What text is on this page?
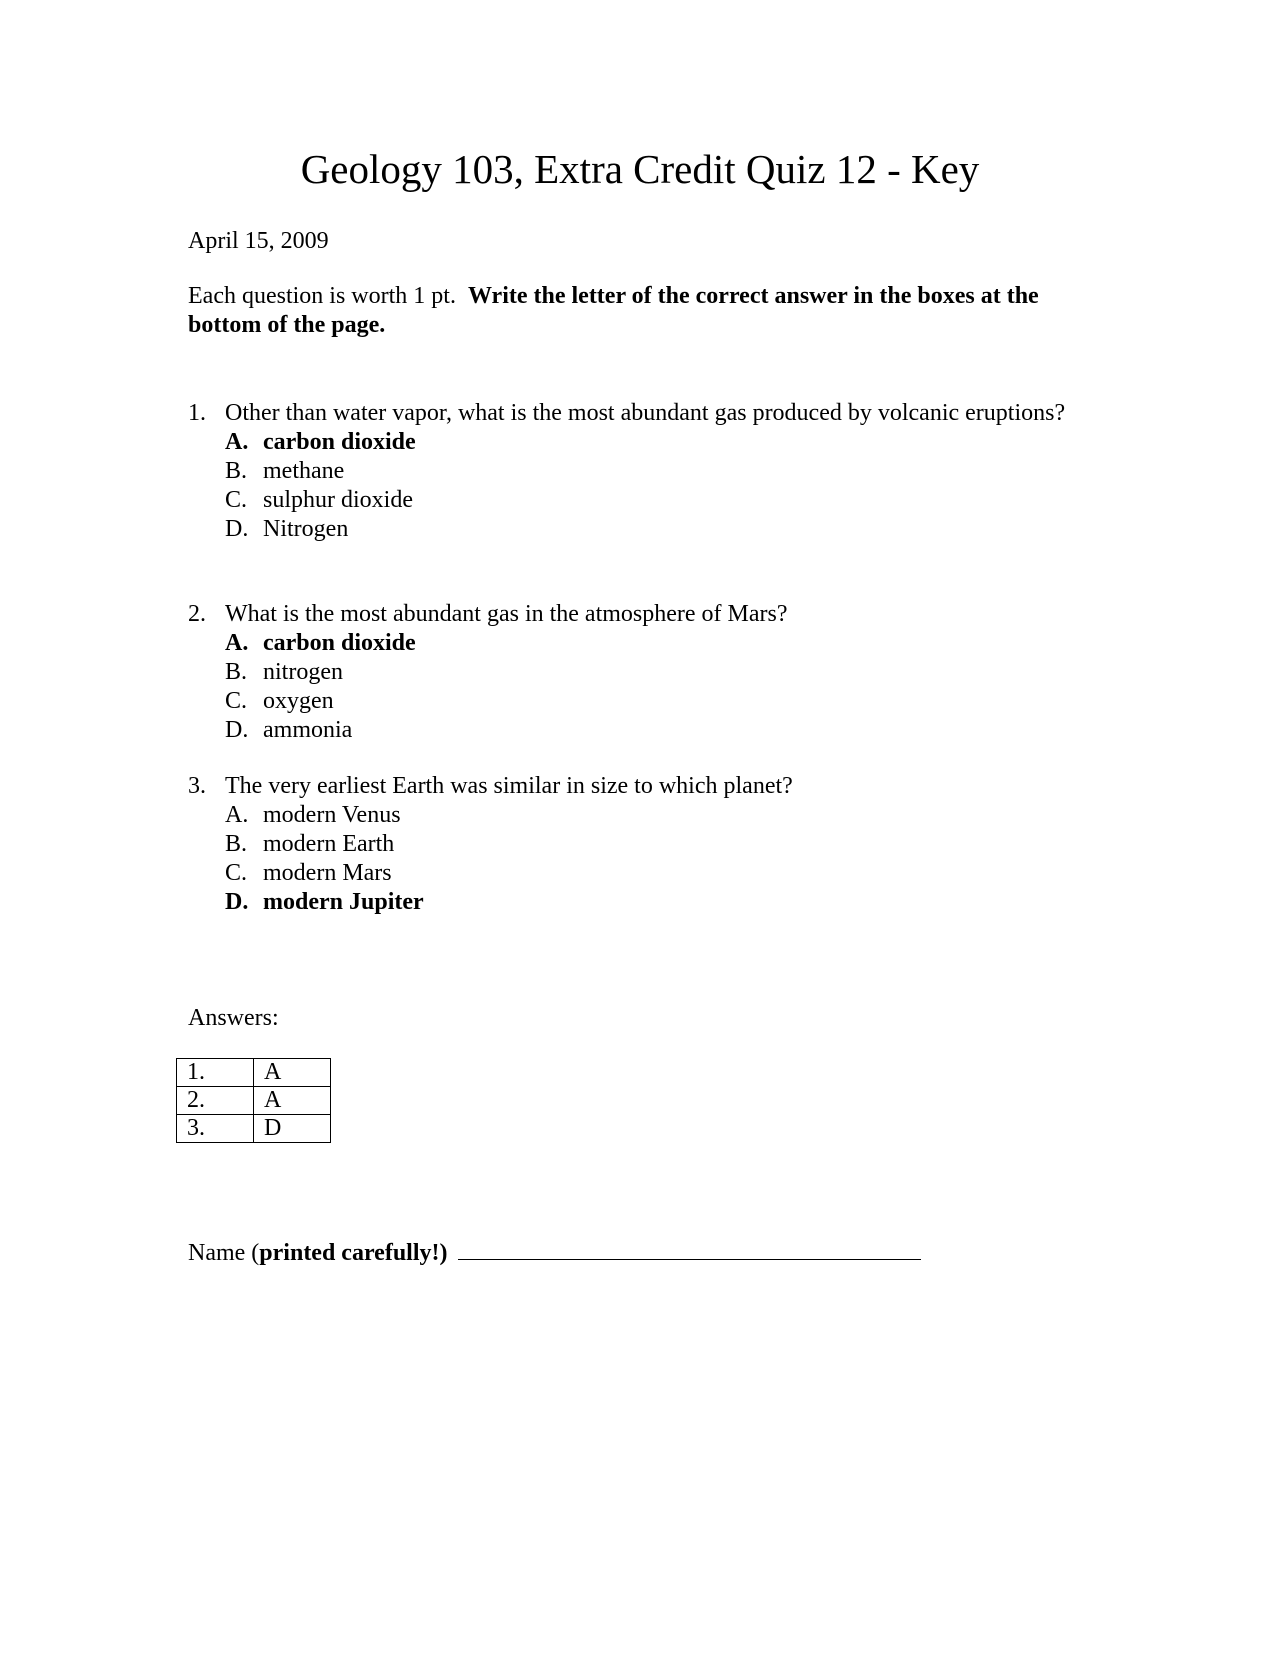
Geology 103, Extra Credit Quiz 12 - Key
April 15, 2009
Each question is worth 1 pt. Write the letter of the correct answer in the boxes at the bottom of the page.
1. Other than water vapor, what is the most abundant gas produced by volcanic eruptions?
A. carbon dioxide
B. methane
C. sulphur dioxide
D. Nitrogen
2. What is the most abundant gas in the atmosphere of Mars?
A. carbon dioxide
B. nitrogen
C. oxygen
D. ammonia
3. The very earliest Earth was similar in size to which planet?
A. modern Venus
B. modern Earth
C. modern Mars
D. modern Jupiter
Answers:
1.	A
2.	A
3.	D
Name (printed carefully!)
